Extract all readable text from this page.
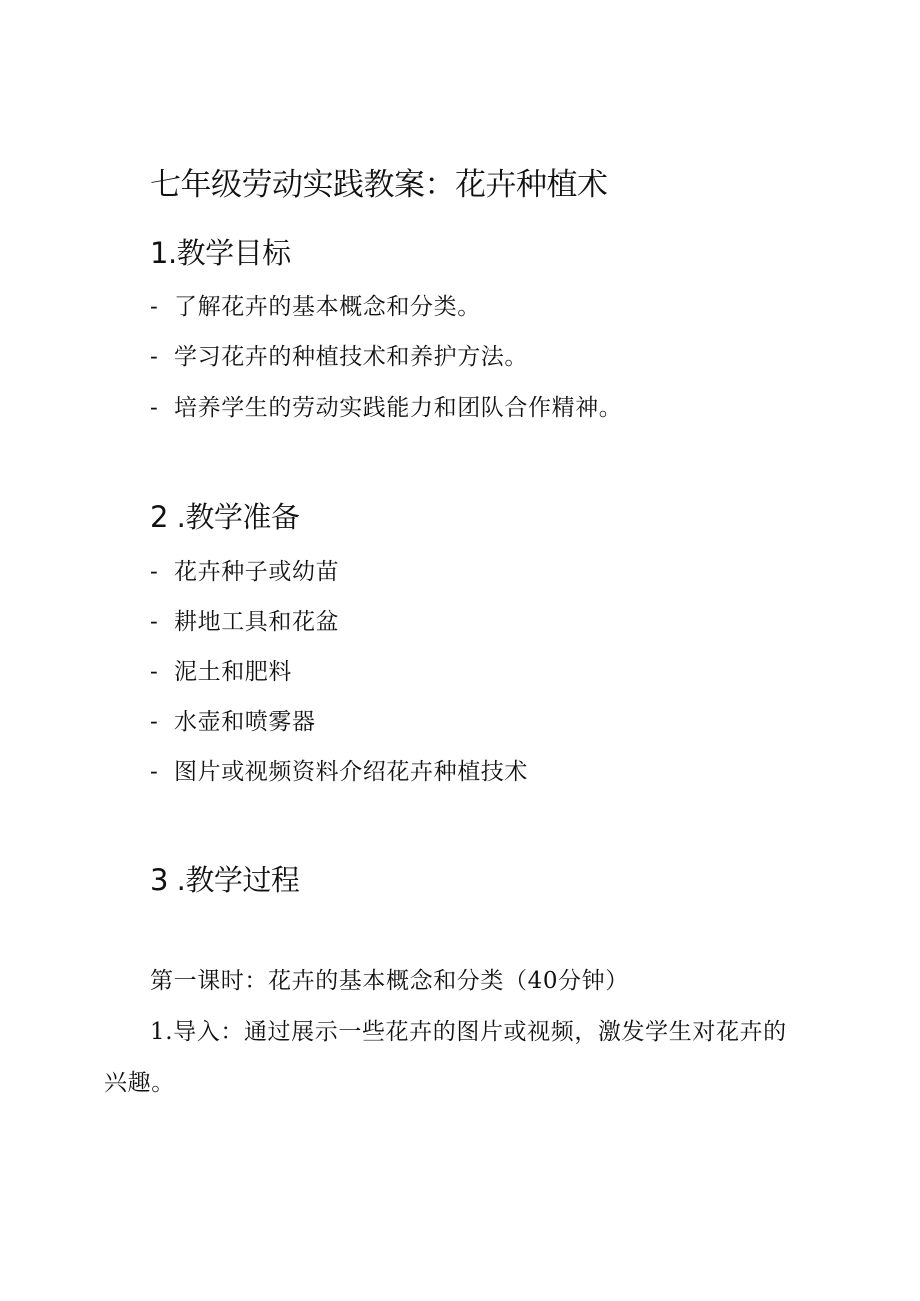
七年级劳动实践教案：花卉种植术
1.教学目标
- 了解花卉的基本概念和分类。
- 学习花卉的种植技术和养护方法。
- 培养学生的劳动实践能力和团队合作精神。
2 .教学准备
- 花卉种子或幼苗
- 耕地工具和花盆
- 泥土和肥料
- 水壶和喷雾器
- 图片或视频资料介绍花卉种植技术
3 .教学过程
第一课时：花卉的基本概念和分类（40分钟）
1.导入：通过展示一些花卉的图片或视频，激发学生对花卉的
兴趣。
